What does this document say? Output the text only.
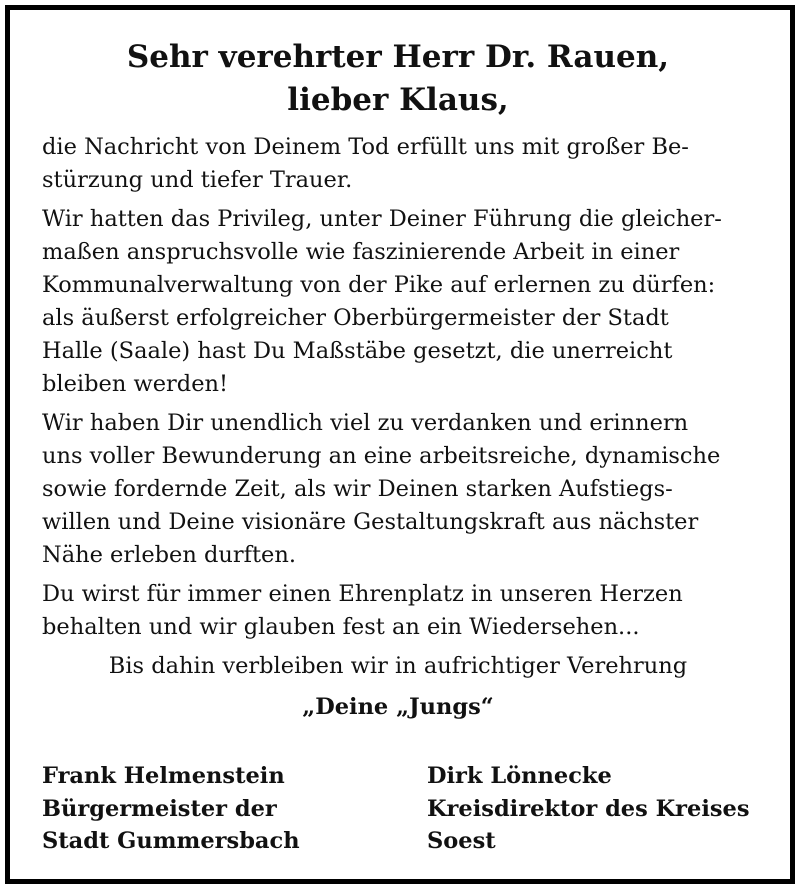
Sehr verehrter Herr Dr. Rauen,
lieber Klaus,

die Nachricht von Deinem Tod erfüllt uns mit großer Be-
stürzung und tiefer Trauer.

Wir hatten das Privileg, unter Deiner Führung die gleicher-
maßen anspruchsvolle wie faszinierende Arbeit in einer
Kommunalverwaltung von der Pike auf erlernen zu dürfen:
als äußerst erfolgreicher Oberbürgermeister der Stadt
Halle (Saale) hast Du Maßstäbe gesetzt, die unerreicht
bleiben werden!

Wir haben Dir unendlich viel zu verdanken und erinnern
uns voller Bewunderung an eine arbeitsreiche, dynamische
sowie fordernde Zeit, als wir Deinen starken Aufstiegs-
willen und Deine visionäre Gestaltungskraft aus nächster
Nähe erleben durften.

Du wirst für immer einen Ehrenplatz in unseren Herzen
behalten und wir glauben fest an ein Wiedersehen...

Bis dahin verbleiben wir in aufrichtiger Verehrung

„Deine „Jungs“

Frank Helmenstein
Bürgermeister der
Stadt Gummersbach
Dirk Lönnecke
Kreisdirektor des Kreises
Soest
